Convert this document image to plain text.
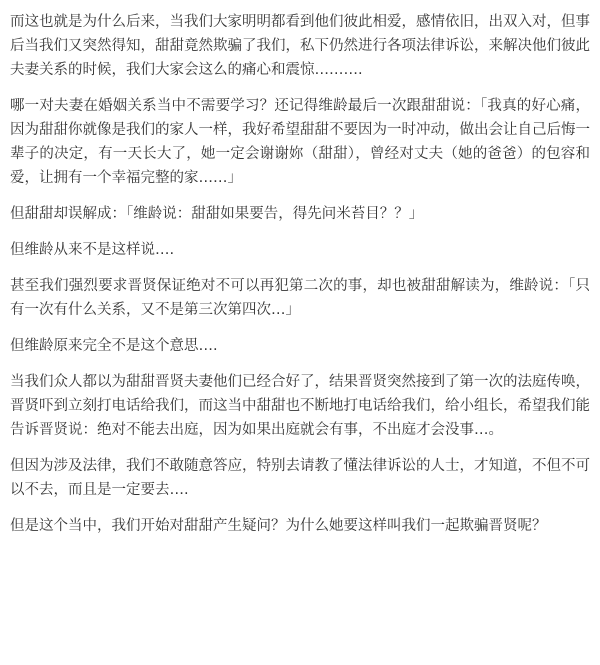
而这也就是为什么后来，当我们大家明明都看到他们彼此相爱，感情依旧，出双入对，但事后当我们又突然得知，甜甜竟然欺骗了我们，私下仍然进行各项法律诉讼，来解决他们彼此夫妻关系的时候，我们大家会这么的痛心和震惊……….

哪一对夫妻在婚姻关系当中不需要学习？还记得维龄最后一次跟甜甜说：「我真的好心痛，因为甜甜你就像是我们的家人一样，我好希望甜甜不要因为一时冲动，做出会让自己后悔一辈子的决定，有一天长大了，她一定会谢谢妳（甜甜），曾经对丈夫（她的爸爸）的包容和爱，让拥有一个幸福完整的家……」

但甜甜却误解成：「维龄说：甜甜如果要告，得先问米苔目？？」

但维龄从来不是这样说….

甚至我们强烈要求晋贤保证绝对不可以再犯第二次的事，却也被甜甜解读为，维龄说：「只有一次有什么关系，又不是第三次第四次…」

但维龄原来完全不是这个意思….

当我们众人都以为甜甜晋贤夫妻他们已经合好了，结果晋贤突然接到了第一次的法庭传唤，晋贤吓到立刻打电话给我们，而这当中甜甜也不断地打电话给我们，给小组长，希望我们能告诉晋贤说：绝对不能去出庭，因为如果出庭就会有事，不出庭才会没事…。

但因为涉及法律，我们不敢随意答应，特别去请教了懂法律诉讼的人士，才知道，不但不可以不去，而且是一定要去….

但是这个当中，我们开始对甜甜产生疑问？为什么她要这样叫我们一起欺骗晋贤呢？
